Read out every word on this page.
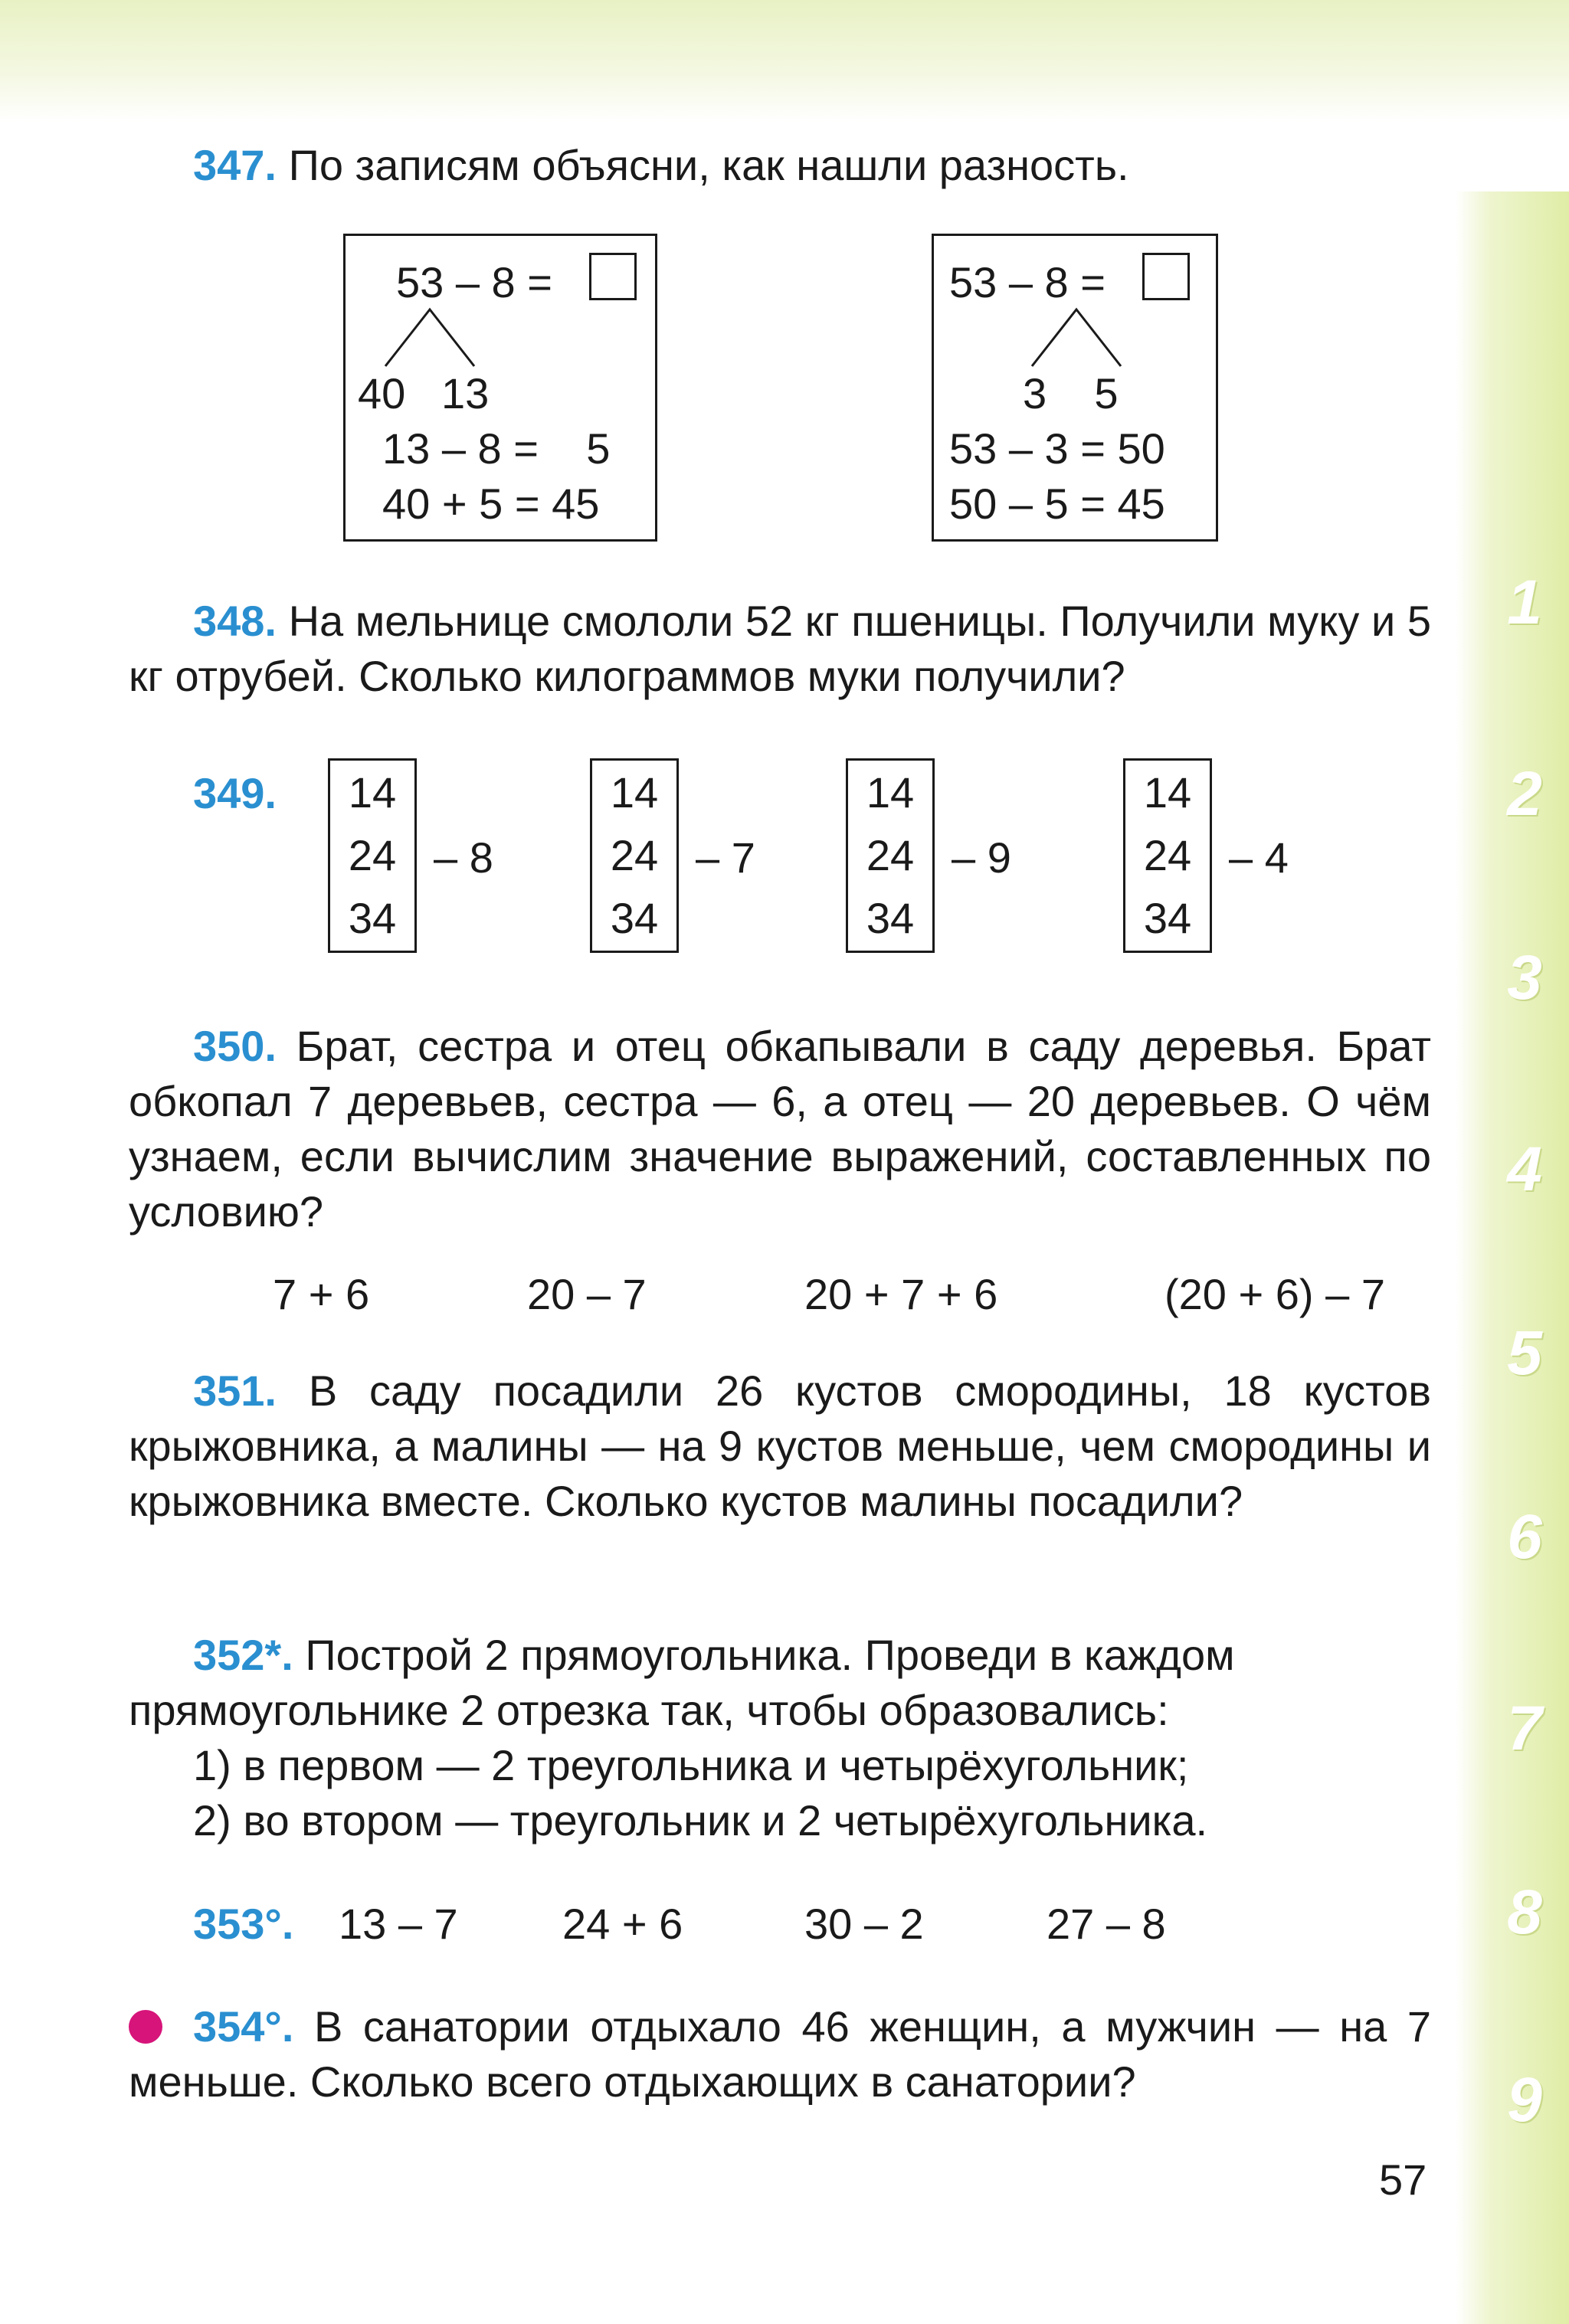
1
2
3
4
5
6
7
8
9
347. По записям объясни, как нашли разность.
53 – 8 =
40   13
13 – 8 =    5
40 + 5 = 45
53 – 8 =
3    5
53 – 3 = 50
50 – 5 = 45
348. На мельнице смололи 52 кг пшеницы. Получили муку и 5 кг отрубей. Сколько килограммов муки получили?
349.	14
24
34
– 8
14
24
34
– 7
14
24
34
– 9
14
24
34
– 4
350. Брат, сестра и отец обкапывали в саду деревья. Брат обкопал 7 деревьев, сестра — 6, а отец — 20 деревьев. О чём узнаем, если вычислим значение выражений, составленных по условию?
7 + 6	20 – 7	20 + 7 + 6	(20 + 6) – 7
351. В саду посадили 26 кустов смородины, 18 кустов крыжовника, а малины — на 9 кустов меньше, чем смородины и крыжовника вместе. Сколько кустов малины посадили?
352*. Построй 2 прямоугольника. Проведи в каждом прямоугольнике 2 отрезка так, чтобы образовались:
1) в первом — 2 треугольника и четырёхугольник;
2) во втором — треугольник и 2 четырёхугольника.
353°. 13 – 7 24 + 6	30 – 2	27 – 8
354°. В санатории отдыхало 46 женщин, а мужчин — на 7 меньше. Сколько всего отдыхающих в санатории?
57
